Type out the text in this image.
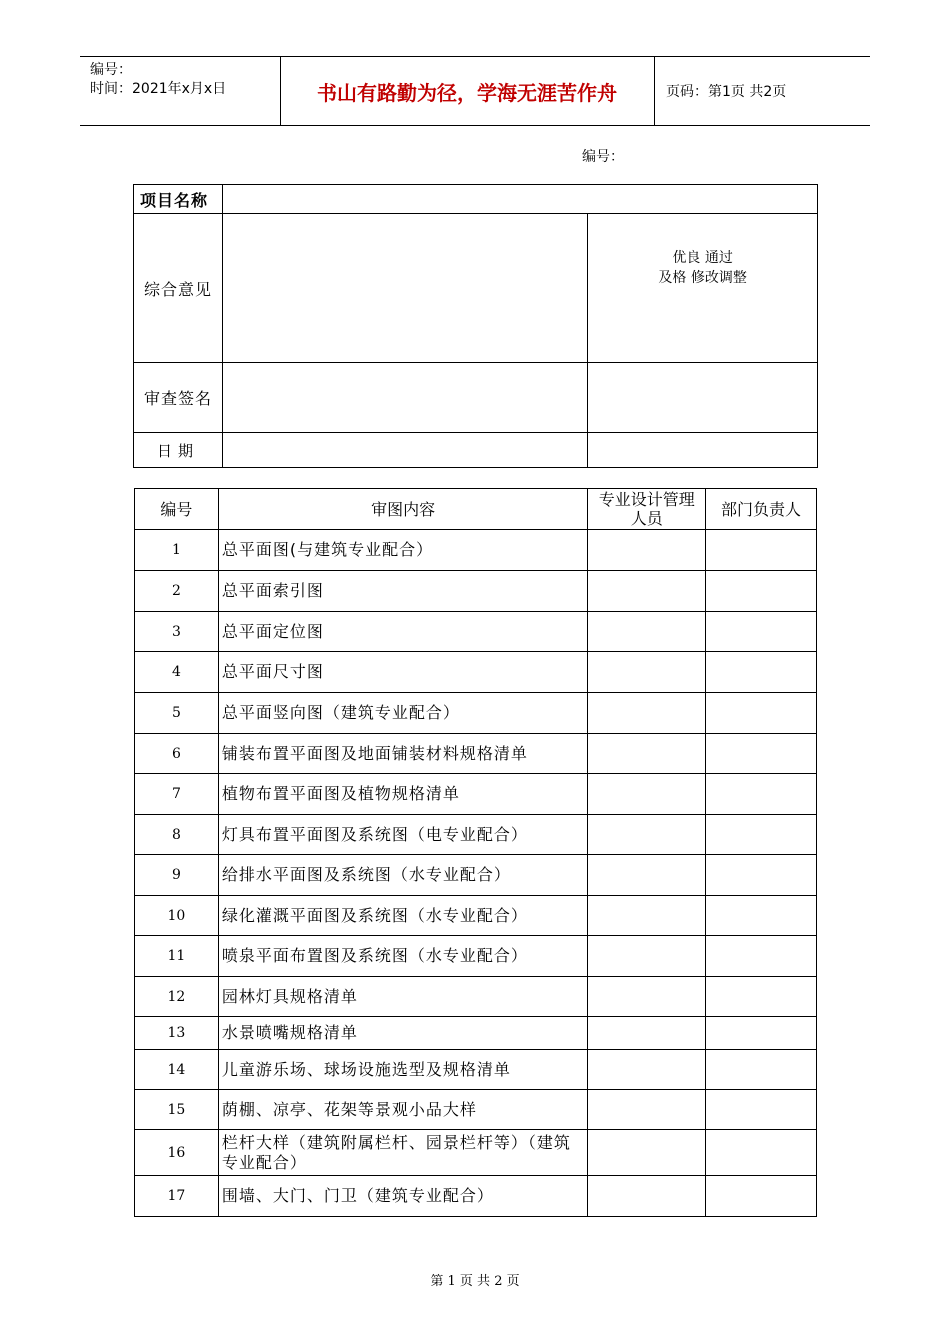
编号：
时间：2021年x月x日	书山有路勤为径，学海无涯苦作舟	页码：第1页 共2页
编号：
项目名称		
综合意见		优良 通过
及格 修改调整

审查签名		
日期		
编号	审图内容	专业设计管理人员	部门负责人
1	总平面图(与建筑专业配合）		
2	总平面索引图		
3	总平面定位图		
4	总平面尺寸图		
5	总平面竖向图（建筑专业配合）		
6	铺装布置平面图及地面铺装材料规格清单		
7	植物布置平面图及植物规格清单		
8	灯具布置平面图及系统图（电专业配合）		
9	给排水平面图及系统图（水专业配合）		
10	绿化灌溉平面图及系统图（水专业配合）		
11	喷泉平面布置图及系统图（水专业配合）		
12	园林灯具规格清单		
13	水景喷嘴规格清单		
14	儿童游乐场、球场设施选型及规格清单		
15	荫棚、凉亭、花架等景观小品大样		
16	栏杆大样（建筑附属栏杆、园景栏杆等）（建筑专业配合）		
17	围墙、大门、门卫（建筑专业配合）		
第 1 页 共 2 页
